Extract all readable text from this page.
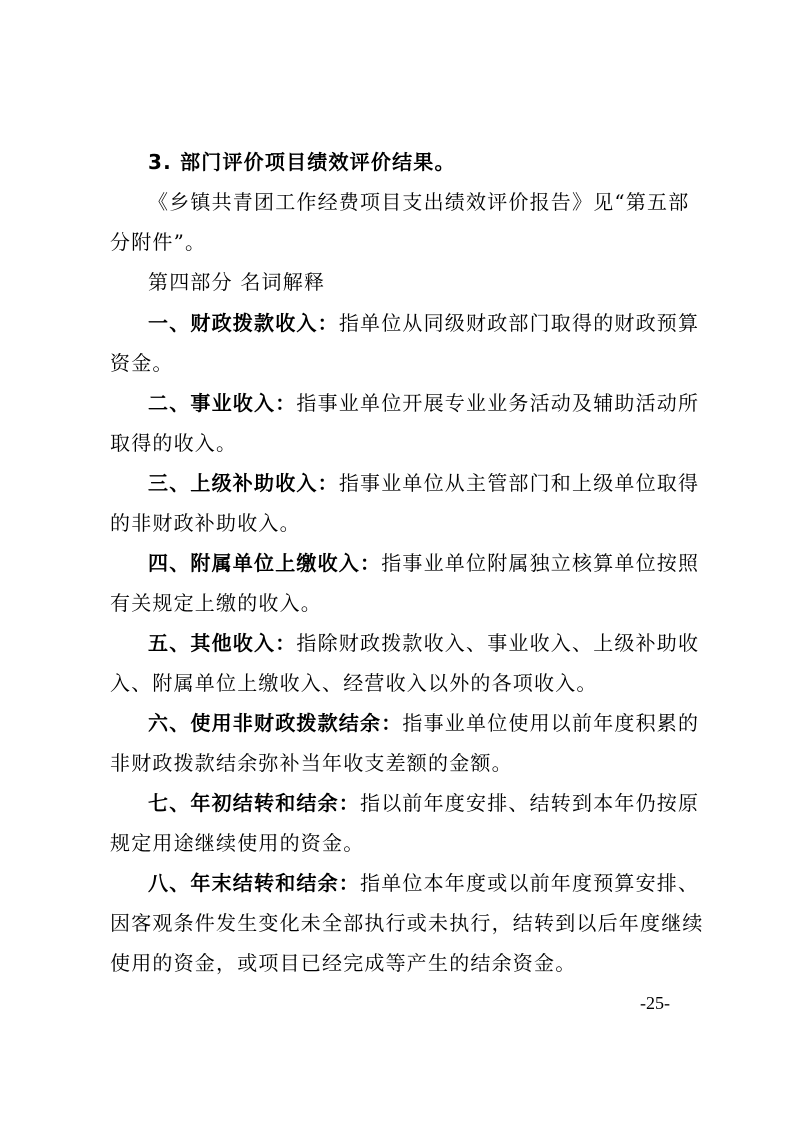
3. 部门评价项目绩效评价结果。
《乡镇共青团工作经费项目支出绩效评价报告》见“第五部
分附件”。
第四部分 名词解释
一、财政拨款收入：指单位从同级财政部门取得的财政预算
资金。
二、事业收入：指事业单位开展专业业务活动及辅助活动所
取得的收入。
三、上级补助收入：指事业单位从主管部门和上级单位取得
的非财政补助收入。
四、附属单位上缴收入：指事业单位附属独立核算单位按照
有关规定上缴的收入。
五、其他收入：指除财政拨款收入、事业收入、上级补助收
入、附属单位上缴收入、经营收入以外的各项收入。
六、使用非财政拨款结余：指事业单位使用以前年度积累的
非财政拨款结余弥补当年收支差额的金额。
七、年初结转和结余：指以前年度安排、结转到本年仍按原
规定用途继续使用的资金。
八、年末结转和结余：指单位本年度或以前年度预算安排、
因客观条件发生变化未全部执行或未执行，结转到以后年度继续
使用的资金，或项目已经完成等产生的结余资金。
-25-
